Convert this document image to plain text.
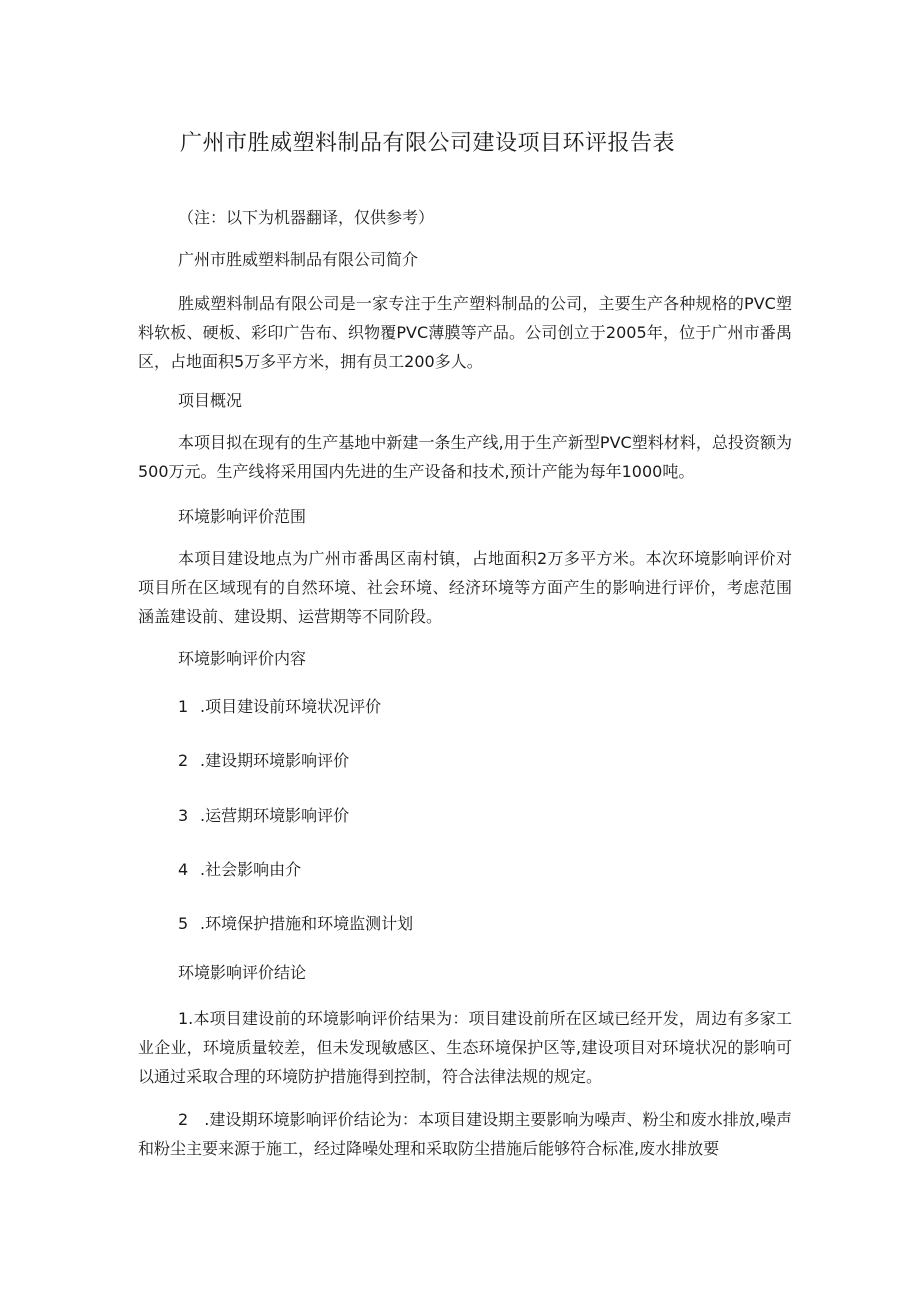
广州市胜威塑料制品有限公司建设项目环评报告表

（注：以下为机器翻译，仅供参考）

广州市胜威塑料制品有限公司简介

胜威塑料制品有限公司是一家专注于生产塑料制品的公司，主要生产各种规格的PVC塑料软板、硬板、彩印广告布、织物覆PVC薄膜等产品。公司创立于2005年，位于广州市番禺区，占地面积5万多平方米，拥有员工200多人。

项目概况

本项目拟在现有的生产基地中新建一条生产线,用于生产新型PVC塑料材料，总投资额为500万元。生产线将采用国内先进的生产设备和技术,预计产能为每年1000吨。

环境影响评价范围

本项目建设地点为广州市番禺区南村镇，占地面积2万多平方米。本次环境影响评价对项目所在区域现有的自然环境、社会环境、经济环境等方面产生的影响进行评价，考虑范围涵盖建设前、建设期、运营期等不同阶段。

环境影响评价内容

1 .项目建设前环境状况评价

2 .建设期环境影响评价

3 .运营期环境影响评价

4 .社会影响由介

5 .环境保护措施和环境监测计划

环境影响评价结论

1.本项目建设前的环境影响评价结果为：项目建设前所在区域已经开发，周边有多家工业企业，环境质量较差，但未发现敏感区、生态环境保护区等,建设项目对环境状况的影响可以通过采取合理的环境防护措施得到控制，符合法律法规的规定。

2　.建设期环境影响评价结论为：本项目建设期主要影响为噪声、粉尘和废水排放,噪声和粉尘主要来源于施工，经过降噪处理和采取防尘措施后能够符合标准,废水排放要
